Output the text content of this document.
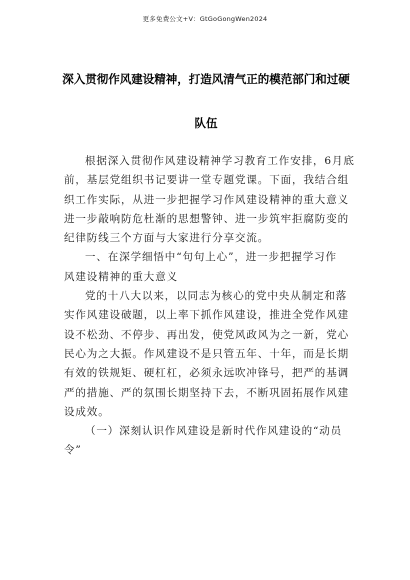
更多免费公文+V：GtGoGongWen2024
深入贯彻作风建设精神，打造风清气正的模范部门和过硬
队伍
根据深入贯彻作风建设精神学习教育工作安排，6月底
前，基层党组织书记要讲一堂专题党课。下面，我结合组
织工作实际，从进一步把握学习作风建设精神的重大意义
进一步敲响防危杜渐的思想警钟、进一步筑牢拒腐防变的
纪律防线三个方面与大家进行分享交流。
一、在深学细悟中“句句上心”，进一步把握学习作
风建设精神的重大意义
党的十八大以来，以同志为核心的党中央从制定和落
实作风建设破题，以上率下抓作风建设，推进全党作风建
设不松劲、不停步、再出发，使党风政风为之一新，党心
民心为之大振。作风建设不是只管五年、十年，而是长期
有效的铁规矩、硬杠杠，必须永远吹冲锋号，把严的基调
严的措施、严的氛围长期坚持下去，不断巩固拓展作风建
设成效。
（一）深刻认识作风建设是新时代作风建设的“动员
令”
